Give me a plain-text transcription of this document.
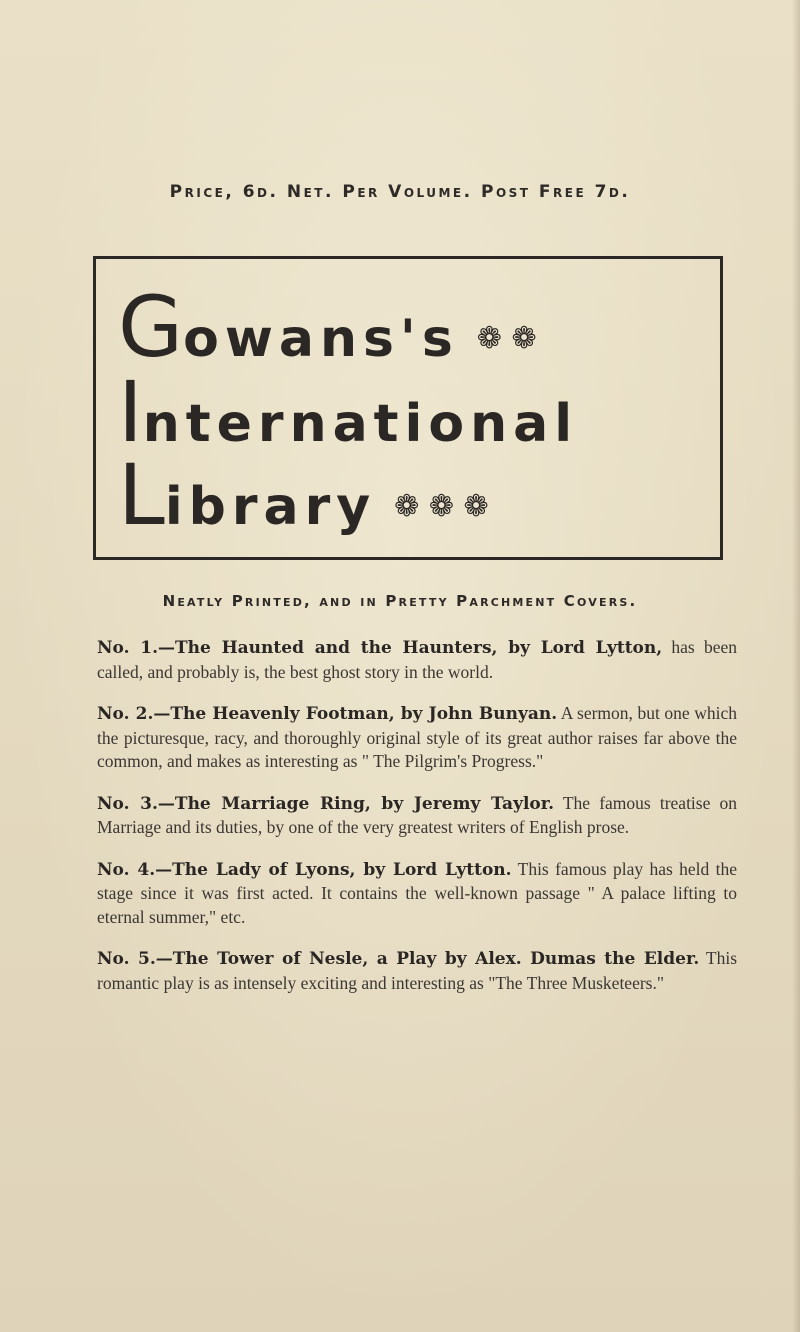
Price, 6d. Net. Per Volume. Post Free 7d.
Gowans's ❁ ❁
International
Library ❁ ❁ ❁
Neatly Printed, and in Pretty Parchment Covers.

No. 1.—The Haunted and the Haunters, by Lord Lytton, has been called, and probably is, the best ghost story in the world.

No. 2.—The Heavenly Footman, by John Bunyan. A sermon, but one which the picturesque, racy, and thoroughly original style of its great author raises far above the common, and makes as interesting as " The Pilgrim's Progress."

No. 3.—The Marriage Ring, by Jeremy Taylor. The famous treatise on Marriage and its duties, by one of the very greatest writers of English prose.

No. 4.—The Lady of Lyons, by Lord Lytton. This famous play has held the stage since it was first acted. It contains the well-known passage " A palace lifting to eternal summer," etc.

No. 5.—The Tower of Nesle, a Play by Alex. Dumas the Elder. This romantic play is as intensely exciting and interesting as "The Three Musketeers."
